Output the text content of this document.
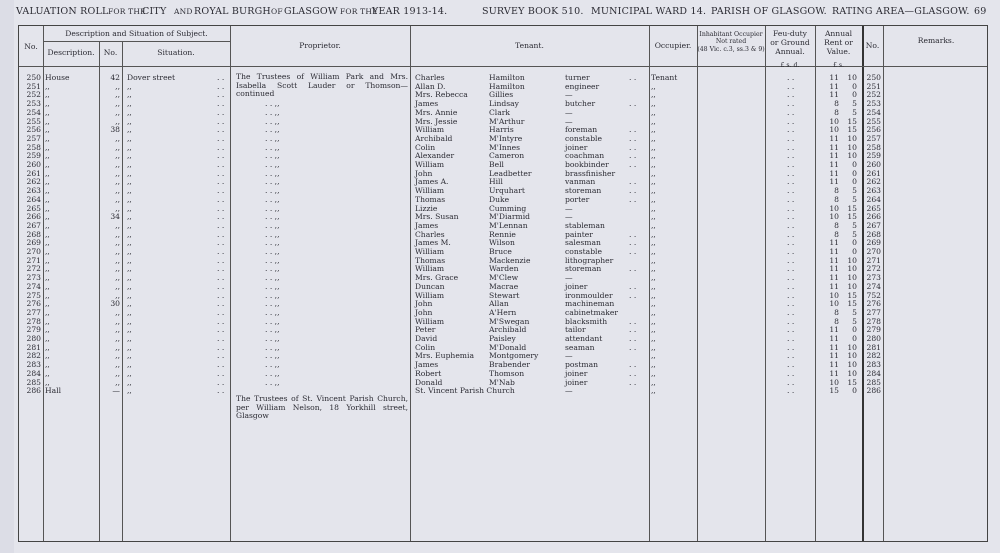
VALUATION ROLL FOR THE
CITY AND ROYAL BURGH OF GLASGOW FOR THE
YEAR 1913-14.	SURVEY BOOK 510. MUNICIPAL WARD 14. PARISH OF GLASGOW. RATING AREA—GLASGOW. 69
No.
Description and Situation of Subject.
Description.	No.	Situation.
Proprietor.	Tenant.	Occupier.
Inhabitant Occupier
Not rated
(48 Vic. c.3, ss.3 & 9)
Feu-duty
or Ground
Annual.
Annual
Rent or
Value.
No.
Remarks.
£ s. d.	£ s.
The Trustees of William Park and Mrs. Isabella Scott Lauder or Thomson—continued
The Trustees of St. Vincent Parish Church, per William Nelson, 18 Yorkhill street, Glasgow
250 House	42 Dover street	. .	Charles	Hamilton	turner	. .	Tenant	. .	11	10	250
251 ,,	,, ,,	. .	Allan D.	Hamilton	engineer	,,	. .	11	0	251
252 ,,	,, ,,	. .	Mrs. Rebecca	Gillies	—	,,	. .	11	0	252
253 ,,	,, ,,	. .	. . ,,	James	Lindsay	butcher	. .	,,	. .	8	5	253
254 ,,	,, ,,	. .	. . ,,	Mrs. Annie	Clark	—	,,	. .	8	5	254
255 ,,	,, ,,	. .	. . ,,	Mrs. Jessie	M'Arthur	—	,,	. .	10	15	255
256 ,,	38 ,,	. .	. . ,,	William	Harris	foreman	. .	,,	. .	10	15	256
257 ,,	,, ,,	. .	. . ,,	Archibald	M'Intyre	constable	. .	,,	. .	11	10	257
258 ,,	,, ,,	. .	. . ,,	Colin	M'Innes	joiner	. .	,,	. .	11	10	258
259 ,,	,, ,,	. .	. . ,,	Alexander	Cameron	coachman	. .	,,	. .	11	10	259
260 ,,	,, ,,	. .	. . ,,	William	Bell	bookbinder	. .	,,	. .	11	0	260
261 ,,	,, ,,	. .	. . ,,	John	Leadbetter	brassfinisher	,,	. .	11	0	261
262 ,,	,, ,,	. .	. . ,,	James A.	Hill	vanman	. .	,,	. .	11	0	262
263 ,,	,, ,,	. .	. . ,,	William	Urquhart	storeman	. .	,,	. .	8	5	263
264 ,,	,, ,,	. .	. . ,,	Thomas	Duke	porter	. .	,,	. .	8	5	264
265 ,,	,, ,,	. .	. . ,,	Lizzie	Cumming	—	,,	. .	10	15	265
266 ,,	34 ,,	. .	. . ,,	Mrs. Susan	M'Diarmid	—	,,	. .	10	15	266
267 ,,	,, ,,	. .	. . ,,	James	M'Lennan	stableman	,,	. .	8	5	267
268 ,,	,, ,,	. .	. . ,,	Charles	Rennie	painter	. .	,,	. .	8	5	268
269 ,,	,, ,,	. .	. . ,,	James M.	Wilson	salesman	. .	,,	. .	11	0	269
270 ,,	,, ,,	. .	. . ,,	William	Bruce	constable	. .	,,	. .	11	0	270
271 ,,	,, ,,	. .	. . ,,	Thomas	Mackenzie	lithographer	,,	. .	11	10	271
272 ,,	,, ,,	. .	. . ,,	William	Warden	storeman	. .	,,	. .	11	10	272
273 ,,	,, ,,	. .	. . ,,	Mrs. Grace	M'Clew	—	,,	. .	11	10	273
274 ,,	,, ,,	. .	. . ,,	Duncan	Macrae	joiner	. .	,,	. .	11	10	274
275 ,,	,, ,,	. .	. . ,,	William	Stewart	ironmoulder	. .	,,	. .	10	15	752
276 ,,	30 ,,	. .	. . ,,	John	Allan	machineman	,,	. .	10	15	276
277 ,,	,, ,,	. .	. . ,,	John	A'Hern	cabinetmaker	,,	. .	8	5	277
278 ,,	,, ,,	. .	. . ,,	William	M'Swegan	blacksmith	. .	,,	. .	8	5	278
279 ,,	,, ,,	. .	. . ,,	Peter	Archibald	tailor	. .	,,	. .	11	0	279
280 ,,	,, ,,	. .	. . ,,	David	Paisley	attendant	. .	,,	. .	11	0	280
281 ,,	,, ,,	. .	. . ,,	Colin	M'Donald	seaman	. .	,,	. .	11	10	281
282 ,,	,, ,,	. .	. . ,,	Mrs. Euphemia	Montgomery	—	,,	. .	11	10	282
283 ,,	,, ,,	. .	. . ,,	James	Brabender	postman	. .	,,	. .	11	10	283
284 ,,	,, ,,	. .	. . ,,	Robert	Thomson	joiner	. .	,,	. .	11	10	284
285 ,,	,, ,,	. .	. . ,,	Donald	M'Nab	joiner	. .	,,	. .	10	15	285
286 Hall	— ,,	. .	St. Vincent Parish Church	—	,,	. .	15	0	286
